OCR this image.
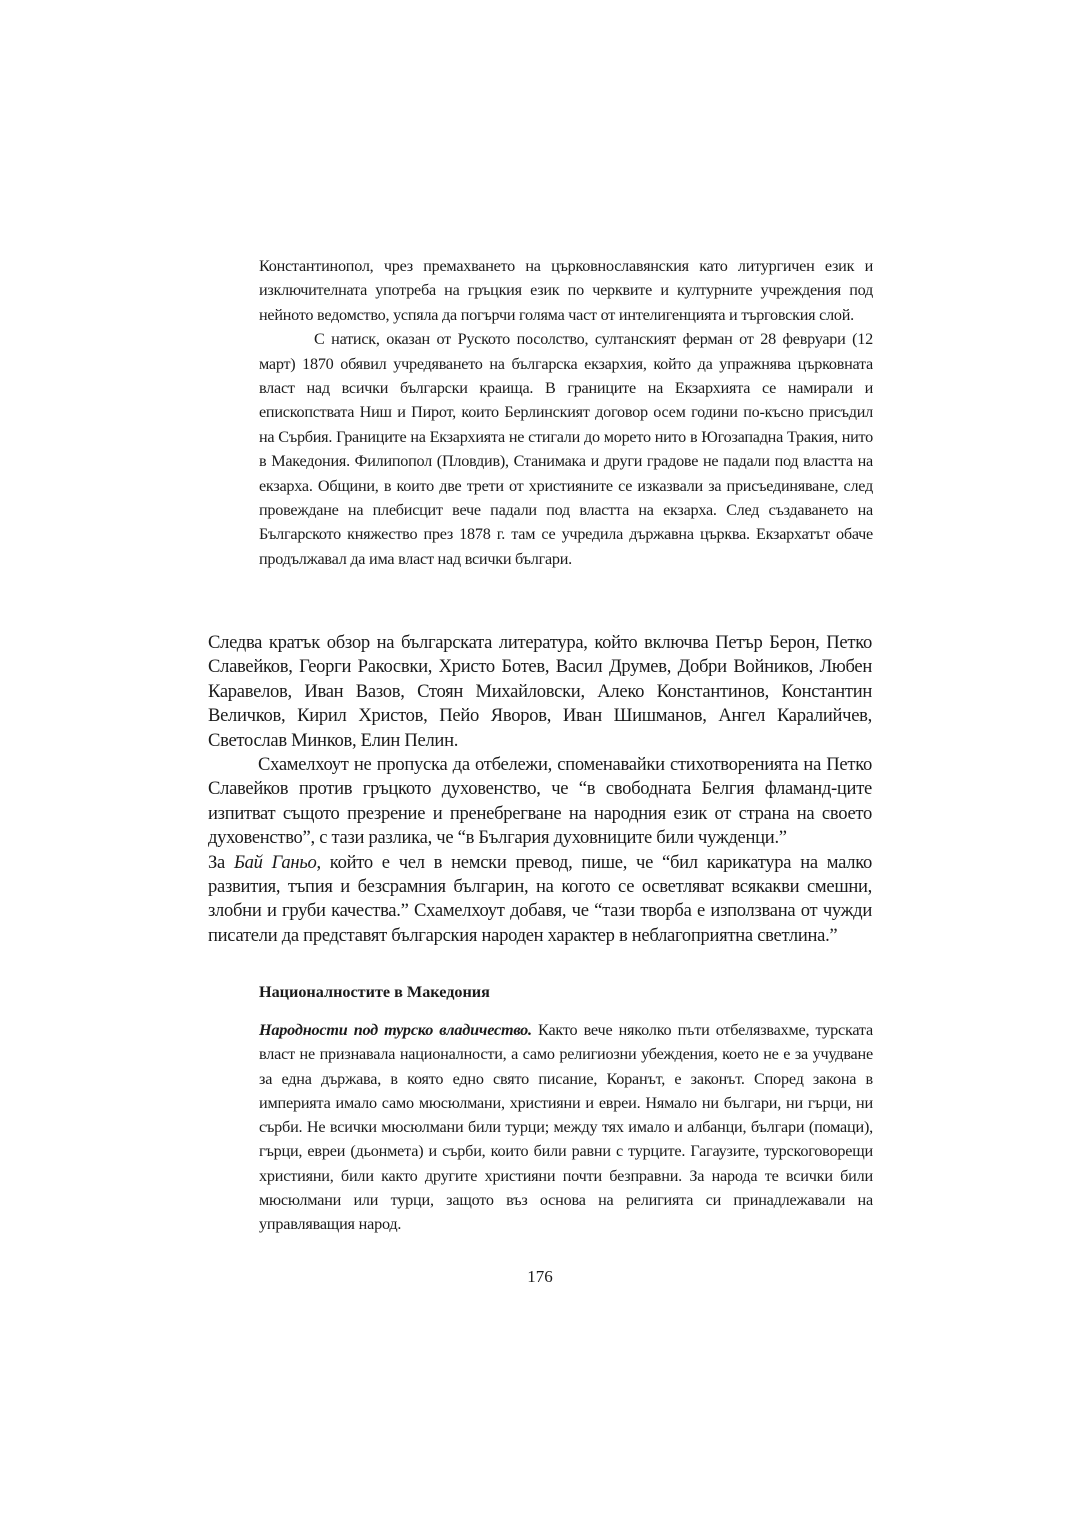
Константинопол, чрез премахването на църковнославянския като литургичен език и изключителната употреба на гръцкия език по черквите и културните учреждения под нейното ведомство, успяла да погърчи голяма част от интелигенцията и търговския слой.

С натиск, оказан от Руското посолство, султанският ферман от 28 февруари (12 март) 1870 обявил учредяването на българска екзархия, който да упражнява църковната власт над всички български краища. В границите на Екзархията се намирали и епископствата Ниш и Пирот, които Берлинският договор осем години по-късно присъдил на Сърбия. Границите на Екзархията не стигали до морето нито в Югозападна Тракия, нито в Македония. Филипопол (Пловдив), Станимака и други градове не падали под властта на екзарха. Общини, в които две трети от християните се изказвали за присъединяване, след провеждане на плебисцит вече падали под властта на екзарха. След създаването на Българското княжество през 1878 г. там се учредила държавна църква. Екзархатът обаче продължавал да има власт над всички българи.

Следва кратък обзор на българската литература, който включва Петър Берон, Петко Славейков, Георги Ракосвки, Христо Ботев, Васил Друмев, Добри Войников, Любен Каравелов, Иван Вазов, Стоян Михайловски, Алеко Константинов, Константин Величков, Кирил Христов, Пейо Яворов, Иван Шишманов, Ангел Каралийчев, Светослав Минков, Елин Пелин.

Схамелхоут не пропуска да отбележи, споменавайки стихотворенията на Петко Славейков против гръцкото духовенство, че “в свободната Белгия фламанд-ците изпитват същото презрение и пренебрегване на народния език от страна на своето духовенство”, с тази разлика, че “в България духовниците били чужденци.”

За Бай Ганьо, който е чел в немски превод, пише, че “бил карикатура на малко развития, тъпия и безсрамния българин, на когото се осветляват всякакви смешни, злобни и груби качества.” Схамелхоут добавя, че “тази творба е използвана от чужди писатели да представят българския народен характер в неблагоприятна светлина.”

Националностите в Македония

Народности под турско владичество. Както вече няколко пъти отбелязвахме, турската власт не признавала националности, а само религиозни убеждения, което не е за учудване за една държава, в която едно свято писание, Коранът, е законът. Според закона в империята имало само мюсюлмани, християни и евреи. Нямало ни българи, ни гърци, ни сърби. Не всички мюсюлмани били турци; между тях имало и албанци, българи (помаци), гърци, евреи (дьонмета) и сърби, които били равни с турците. Гагаузите, турскоговорещи християни, били както другите християни почти безправни. За народа те всички били мюсюлмани или турци, защото въз основа на религията си принадлежавали на управляващия народ.

176
